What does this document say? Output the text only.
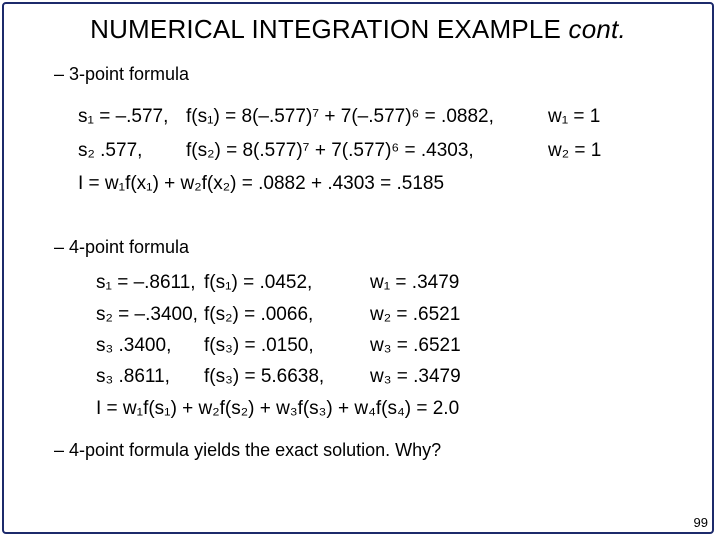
NUMERICAL INTEGRATION EXAMPLE cont.
– 3-point formula
s₁ = –.577, f(s₁) = 8(–.577)⁷ + 7(–.577)⁶ = .0882,	w₁ = 1
s₂ .577, f(s₂) = 8(.577)⁷ + 7(.577)⁶ = .4303,	w₂ = 1
I = w₁f(x₁) + w₂f(x₂) = .0882 + .4303 = .5185
– 4-point formula
s₁ = –.8611, f(s₁) = .0452,	w₁ = .3479
s₂ = –.3400, f(s₂) = .0066,	w₂ = .6521
s₃ .3400, f(s₃) = .0150,	w₃ = .6521
s₃ .8611, f(s₃) = 5.6638, w₃ = .3479
I = w₁f(s₁) + w₂f(s₂) + w₃f(s₃) + w₄f(s₄) = 2.0
– 4-point formula yields the exact solution. Why?
99
